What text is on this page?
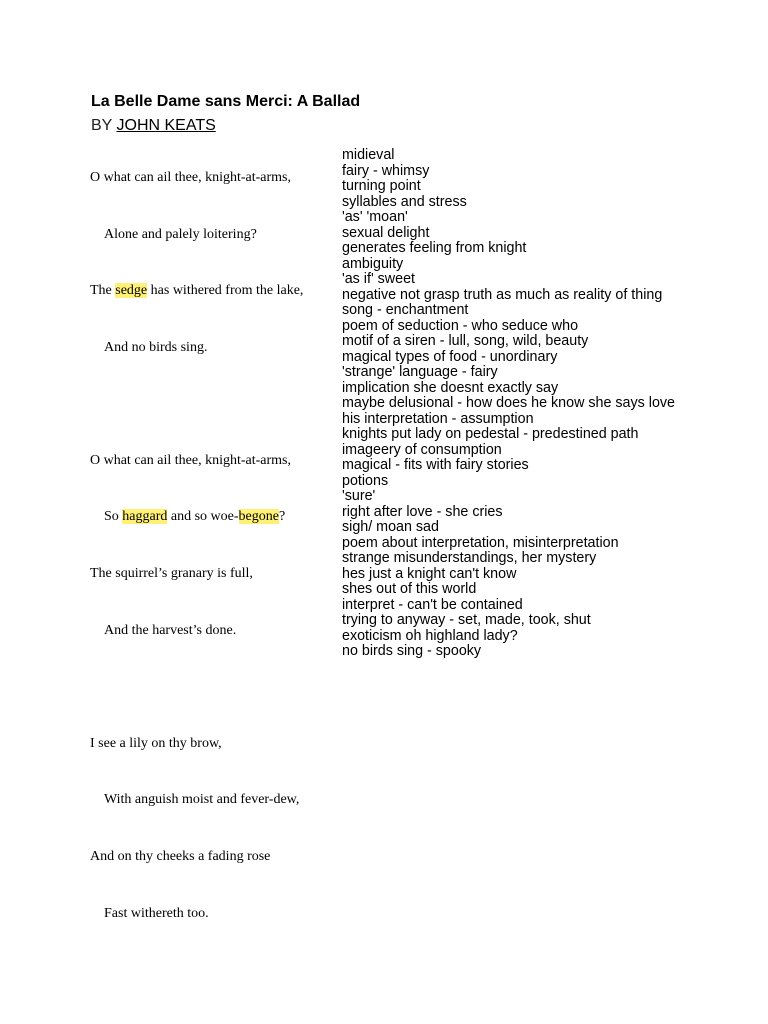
La Belle Dame sans Merci: A Ballad
BY JOHN KEATS
O what can ail thee, knight-at-arms,
Alone and palely loitering?
The sedge has withered from the lake,
And no birds sing.
O what can ail thee, knight-at-arms,
So haggard and so woe-begone?
The squirrel’s granary is full,
And the harvest’s done.
I see a lily on thy brow,
With anguish moist and fever-dew,
And on thy cheeks a fading rose
Fast withereth too.
midieval
fairy - whimsy
turning point
syllables and stress
'as' 'moan'
sexual delight
generates feeling from knight
ambiguity
'as if' sweet
negative not grasp truth as much as reality of thing
song - enchantment
poem of seduction - who seduce who
motif of a siren - lull, song, wild, beauty
magical types of food - unordinary
'strange' language - fairy
implication she doesnt exactly say
maybe delusional - how does he know she says love
his interpretation - assumption
knights put lady on pedestal - predestined path
imageery of consumption
magical - fits with fairy stories
potions
'sure'
right after love - she cries
sigh/ moan sad
poem about interpretation, misinterpretation
strange misunderstandings, her mystery
hes just a knight can't know
shes out of this world
interpret - can't be contained
trying to anyway - set, made, took, shut
exoticism oh highland lady?
no birds sing - spooky
